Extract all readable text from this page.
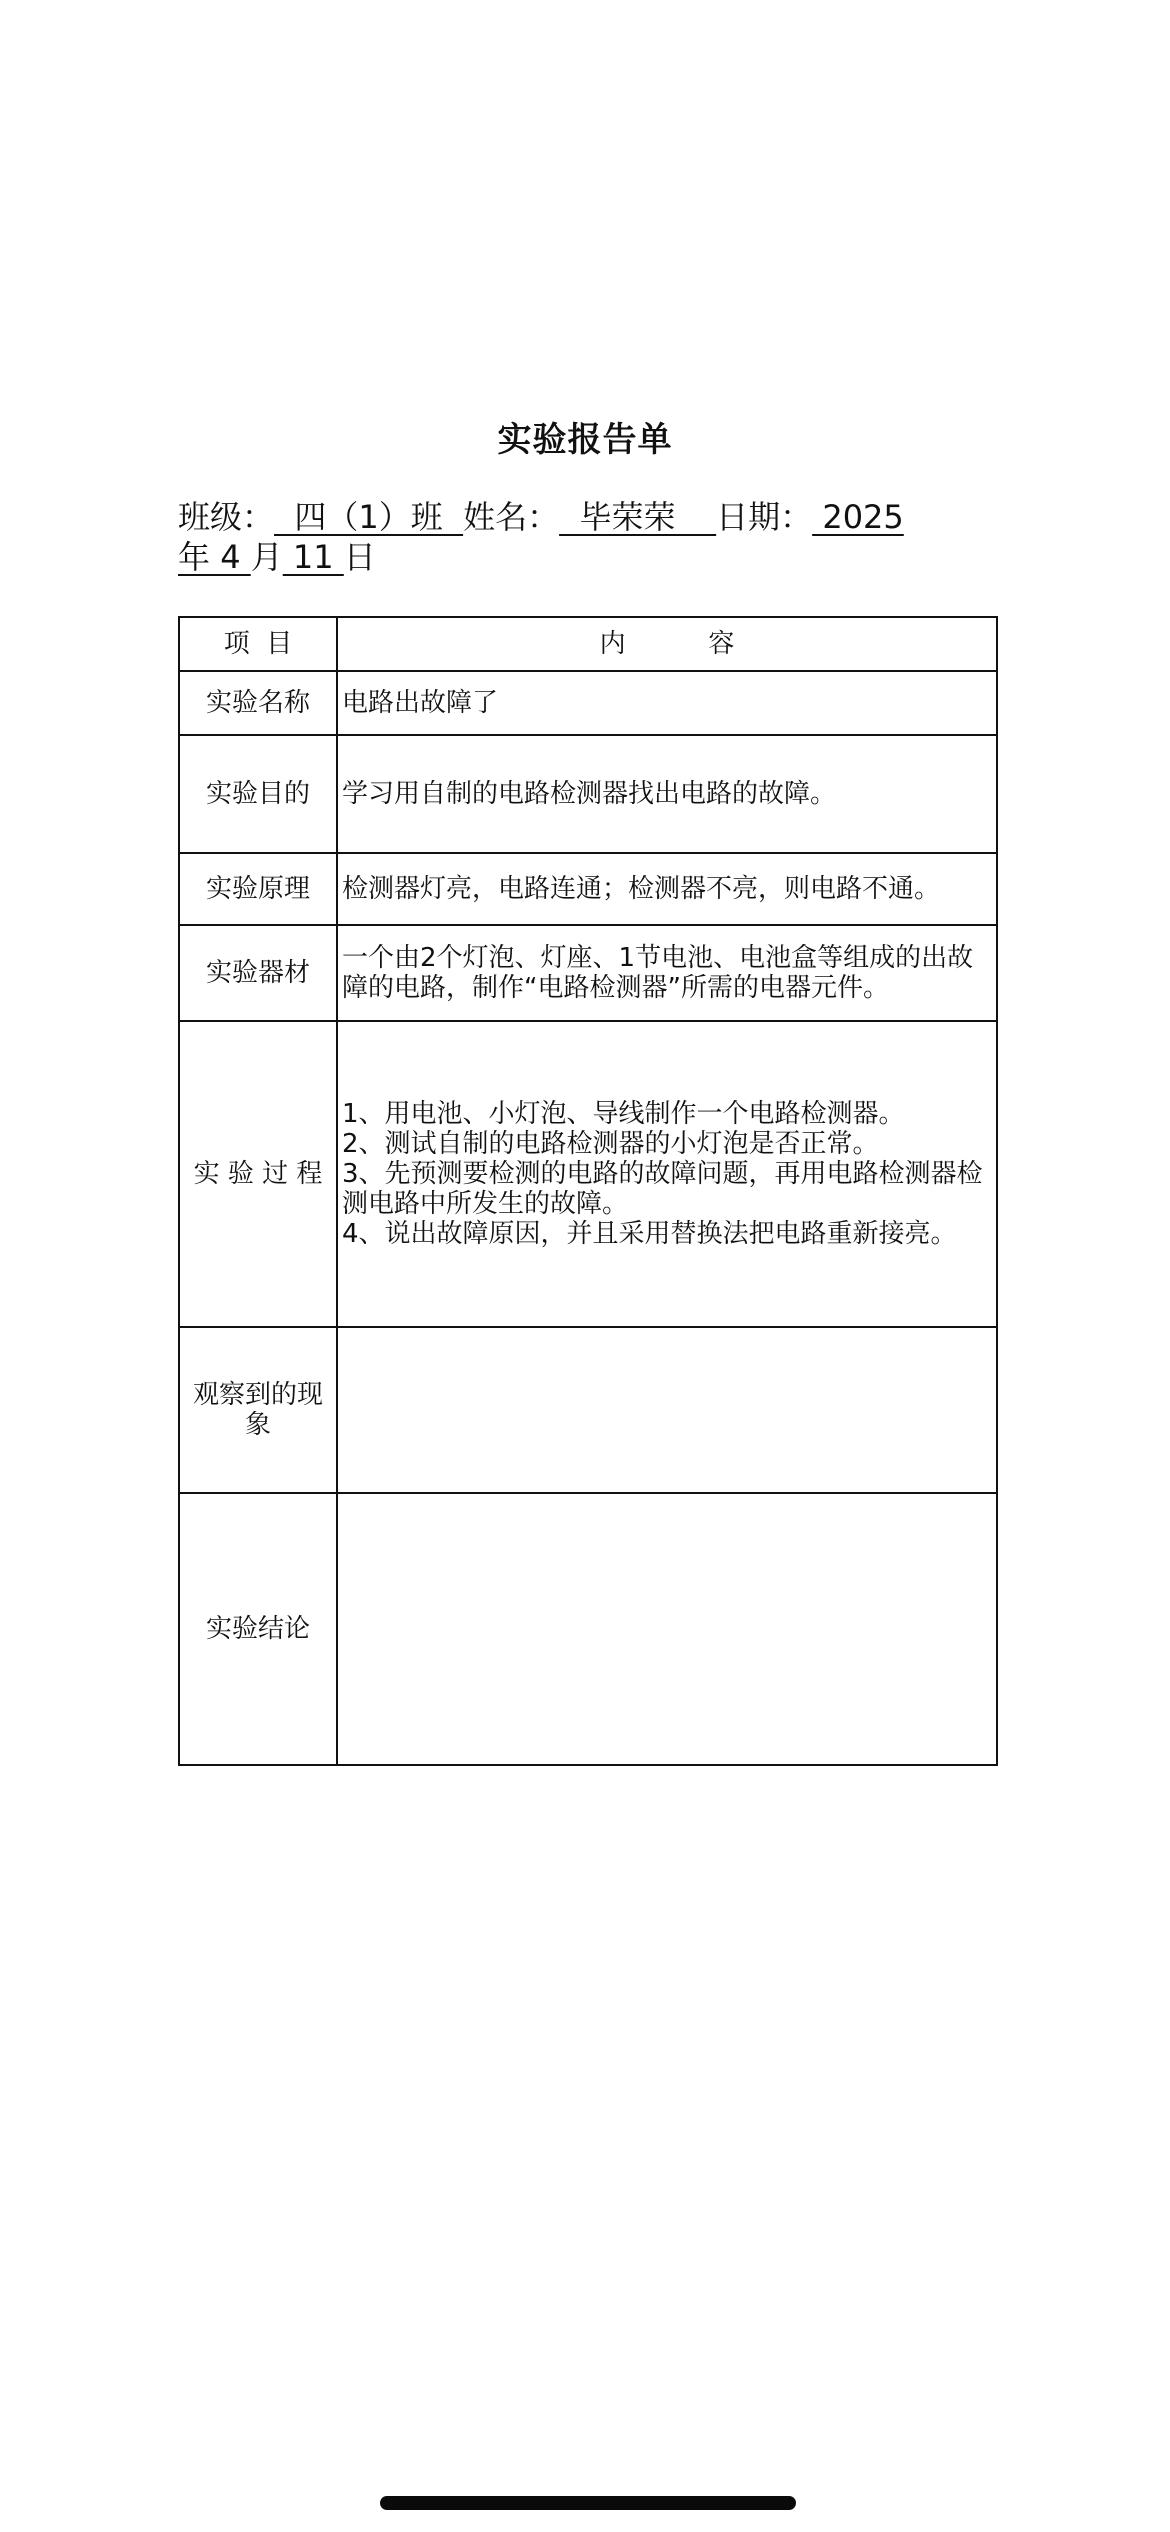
实验报告单
班级：  四（1）班  姓名：  毕荣荣    日期： 2025年 4 月 11 日
项  目	内          容
实验名称	电路出故障了
实验目的	学习用自制的电路检测器找出电路的故障。
实验原理	检测器灯亮，电路连通；检测器不亮，则电路不通。
实验器材	一个由2个灯泡、灯座、1节电池、电池盒等组成的出故障的电路，制作“电路检测器”所需的电器元件。
实 验 过 程	1、用电池、小灯泡、导线制作一个电路检测器。
2、测试自制的电路检测器的小灯泡是否正常。
3、先预测要检测的电路的故障问题，再用电路检测器检测电路中所发生的故障。
4、说出故障原因，并且采用替换法把电路重新接亮。

观察到的现象	
实验结论	
